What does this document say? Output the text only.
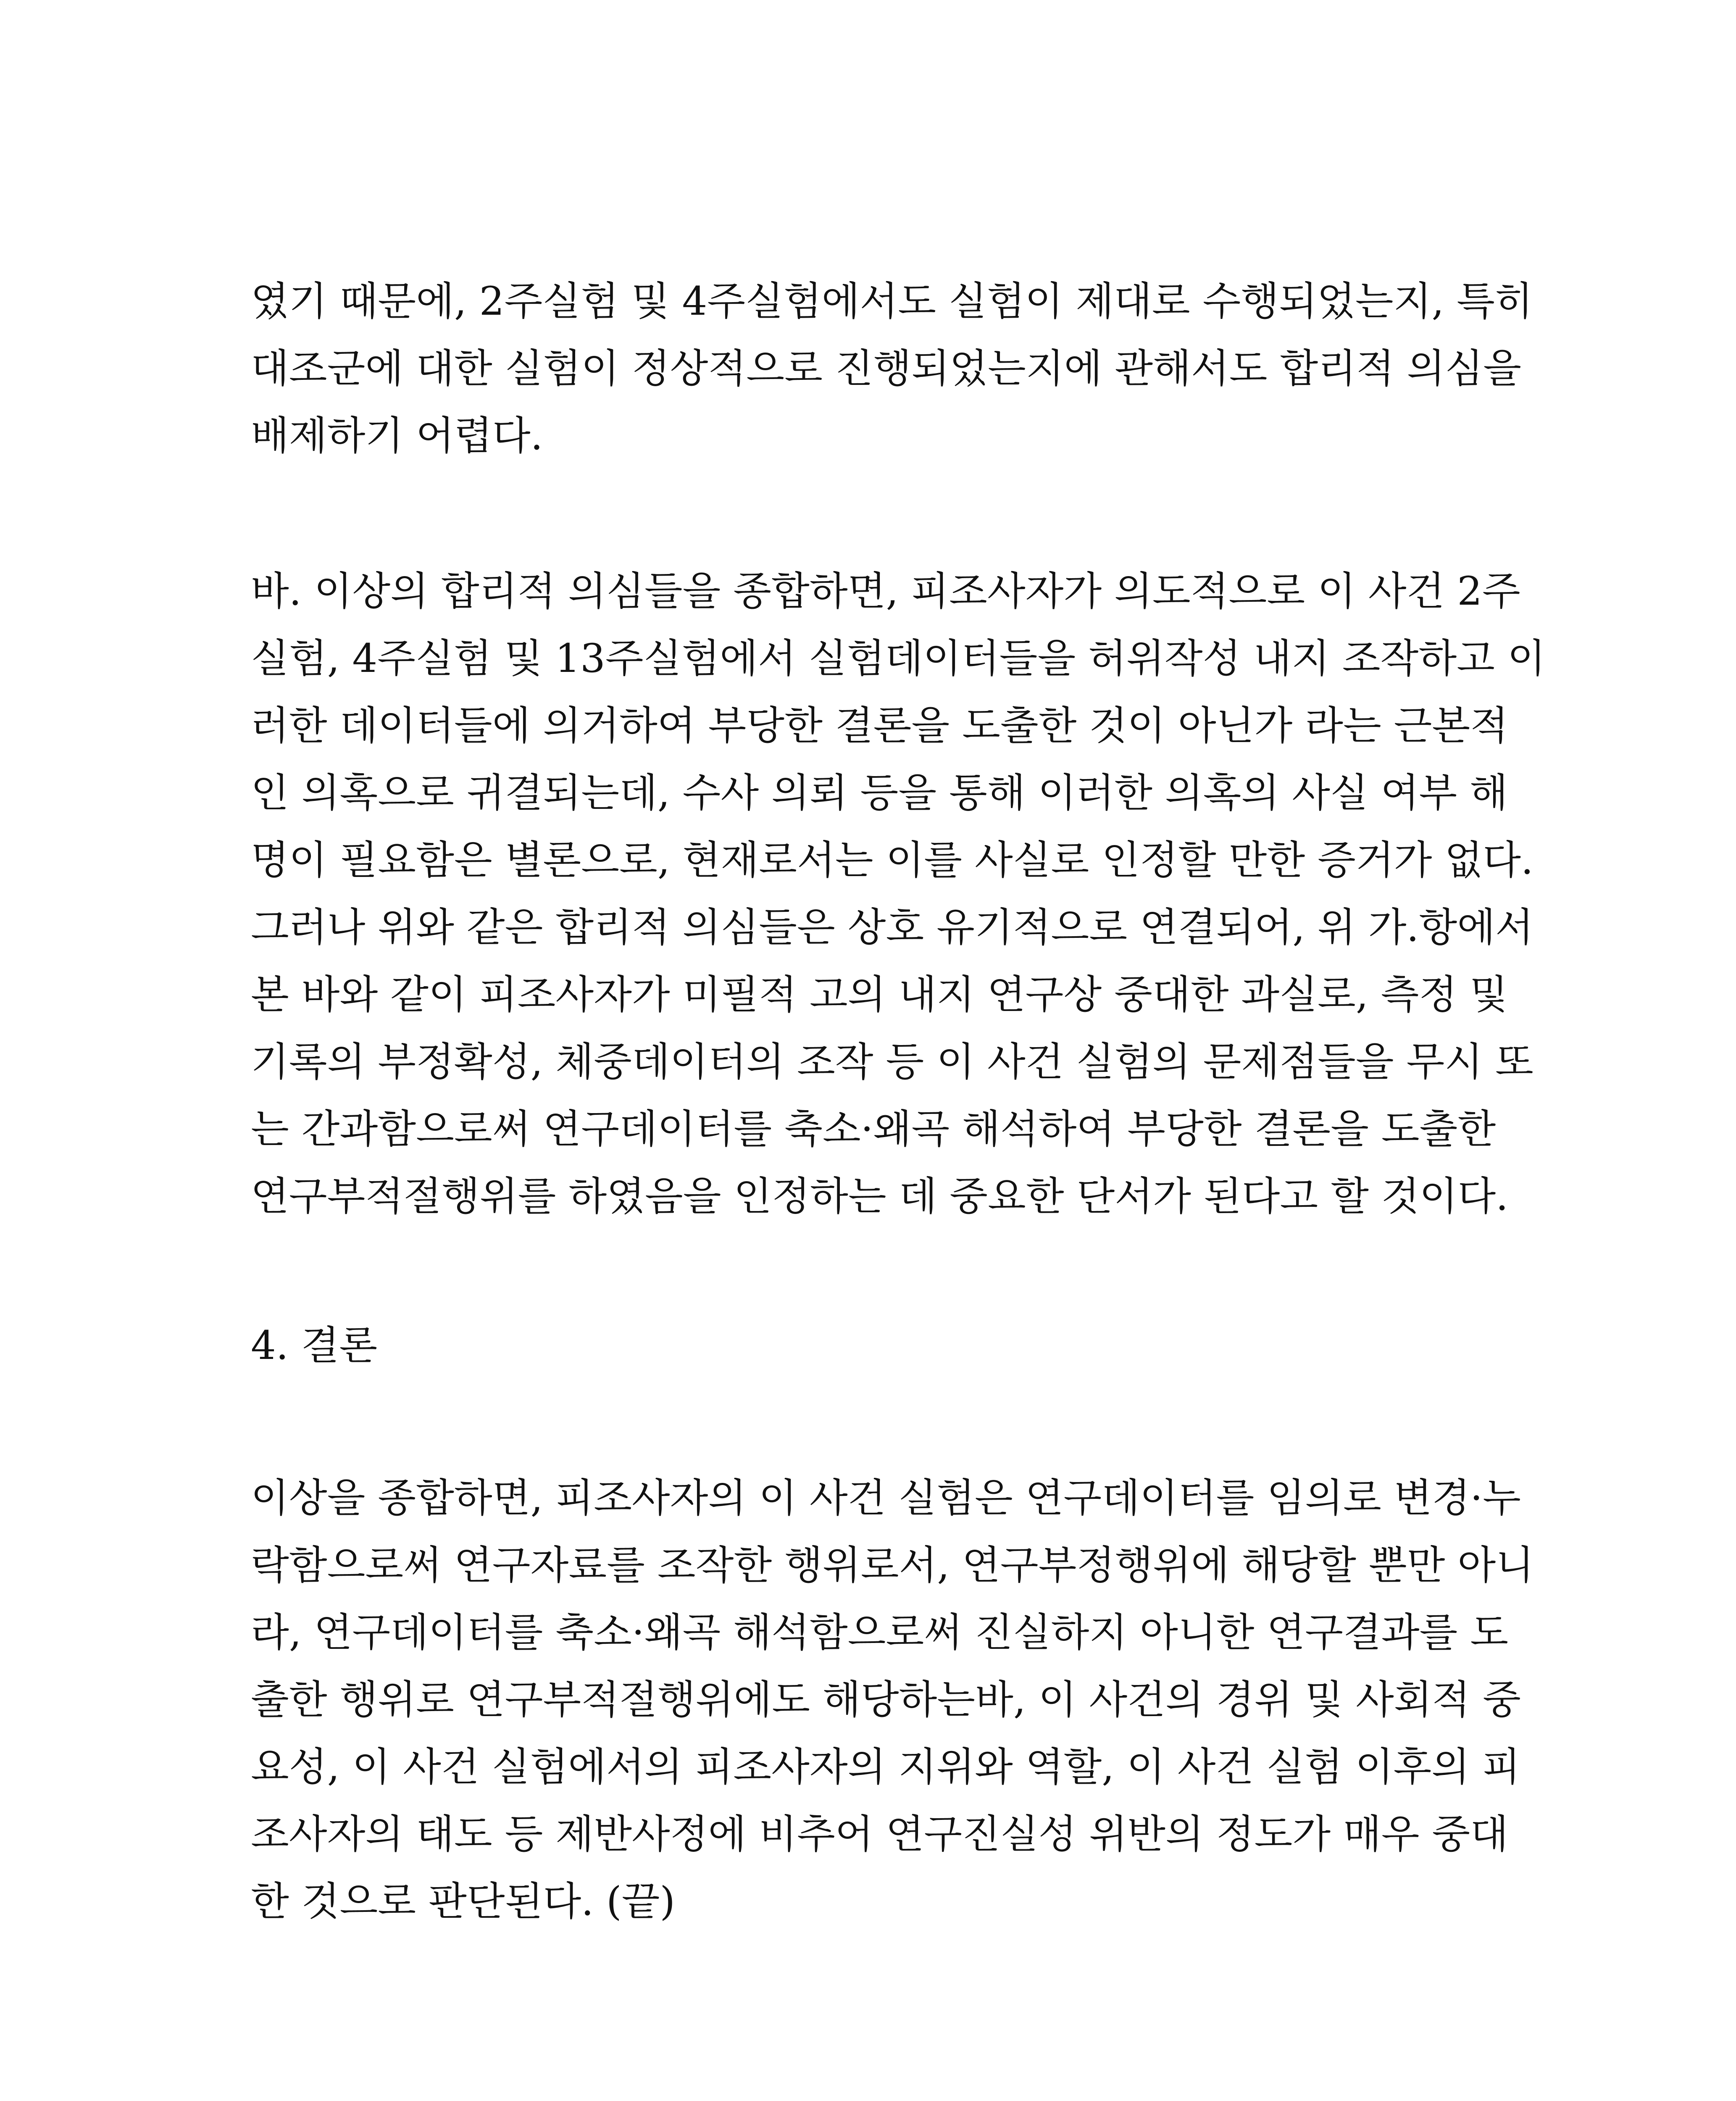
였기 때문에, 2주실험 및 4주실험에서도 실험이 제대로 수행되었는지, 특히
대조군에 대한 실험이 정상적으로 진행되었는지에 관해서도 합리적 의심을
배제하기 어렵다.
바. 이상의 합리적 의심들을 종합하면, 피조사자가 의도적으로 이 사건 2주
실험, 4주실험 및 13주실험에서 실험데이터들을 허위작성 내지 조작하고 이
러한 데이터들에 의거하여 부당한 결론을 도출한 것이 아닌가 라는 근본적
인 의혹으로 귀결되는데, 수사 의뢰 등을 통해 이러한 의혹의 사실 여부 해
명이 필요함은 별론으로, 현재로서는 이를 사실로 인정할 만한 증거가 없다.
그러나 위와 같은 합리적 의심들은 상호 유기적으로 연결되어, 위 가.항에서
본 바와 같이 피조사자가 미필적 고의 내지 연구상 중대한 과실로, 측정 및
기록의 부정확성, 체중데이터의 조작 등 이 사건 실험의 문제점들을 무시 또
는 간과함으로써 연구데이터를 축소·왜곡 해석하여 부당한 결론을 도출한
연구부적절행위를 하였음을 인정하는 데 중요한 단서가 된다고 할 것이다.
4. 결론
이상을 종합하면, 피조사자의 이 사건 실험은 연구데이터를 임의로 변경·누
락함으로써 연구자료를 조작한 행위로서, 연구부정행위에 해당할 뿐만 아니
라, 연구데이터를 축소·왜곡 해석함으로써 진실하지 아니한 연구결과를 도
출한 행위로 연구부적절행위에도 해당하는바, 이 사건의 경위 및 사회적 중
요성, 이 사건 실험에서의 피조사자의 지위와 역할, 이 사건 실험 이후의 피
조사자의 태도 등 제반사정에 비추어 연구진실성 위반의 정도가 매우 중대
한 것으로 판단된다. (끝)
